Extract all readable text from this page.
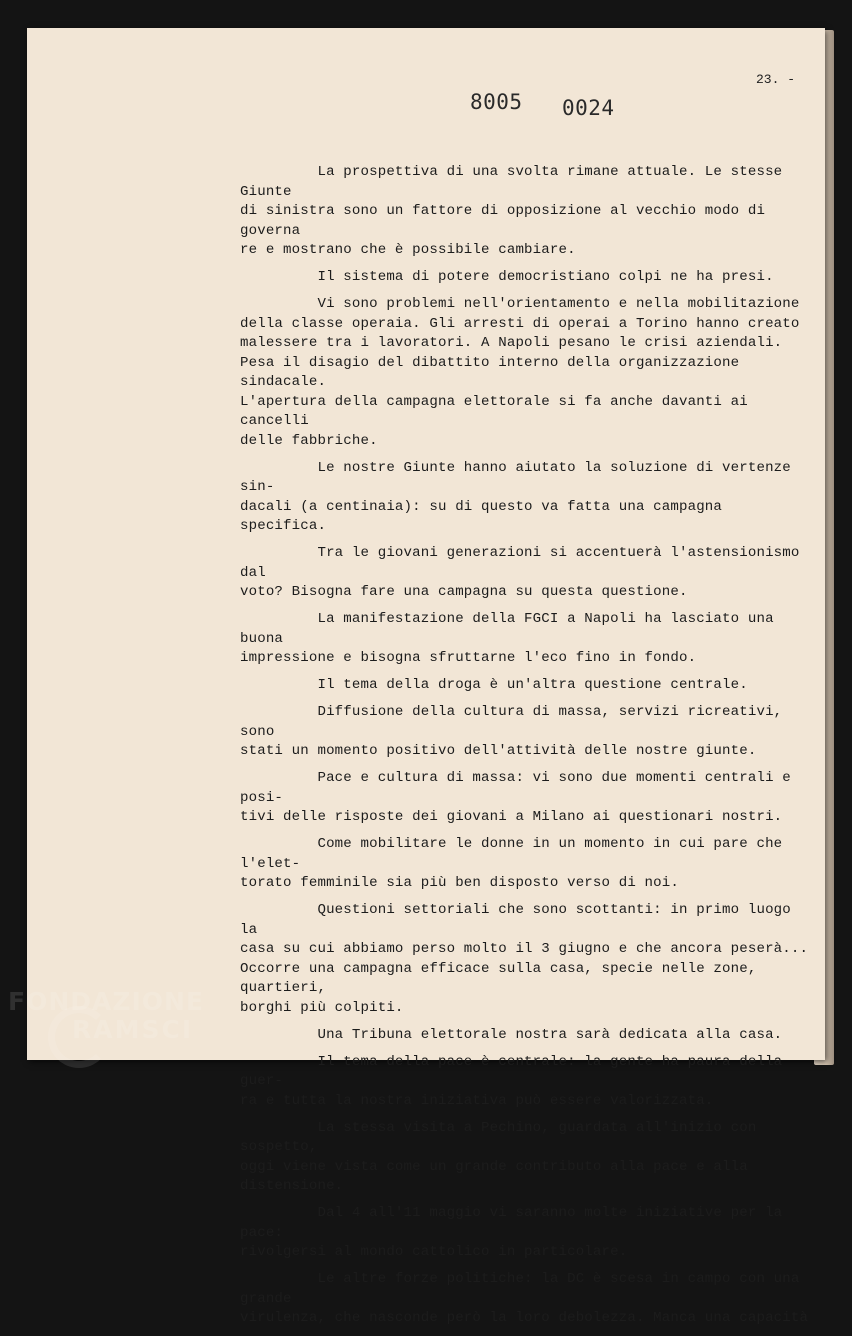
23. -
8005 0024
La prospettiva di una svolta rimane attuale. Le stesse Giunte
di sinistra sono un fattore di opposizione al vecchio modo di governa
re e mostrano che è possibile cambiare.
Il sistema di potere democristiano colpi ne ha presi.
Vi sono problemi nell'orientamento e nella mobilitazione
della classe operaia. Gli arresti di operai a Torino hanno creato
malessere tra i lavoratori. A Napoli pesano le crisi aziendali.
Pesa il disagio del dibattito interno della organizzazione sindacale.
L'apertura della campagna elettorale si fa anche davanti ai cancelli
delle fabbriche.
Le nostre Giunte hanno aiutato la soluzione di vertenze sin-
dacali (a centinaia): su di questo va fatta una campagna specifica.
Tra le giovani generazioni si accentuerà l'astensionismo dal
voto? Bisogna fare una campagna su questa questione.
La manifestazione della FGCI a Napoli ha lasciato una buona
impressione e bisogna sfruttarne l'eco fino in fondo.
Il tema della droga è un'altra questione centrale.
Diffusione della cultura di massa, servizi ricreativi, sono
stati un momento positivo dell'attività delle nostre giunte.
Pace e cultura di massa: vi sono due momenti centrali e posi-
tivi delle risposte dei giovani a Milano ai questionari nostri.
Come mobilitare le donne in un momento in cui pare che l'elet-
torato femminile sia più ben disposto verso di noi.
Questioni settoriali che sono scottanti: in primo luogo la
casa su cui abbiamo perso molto il 3 giugno e che ancora peserà...
Occorre una campagna efficace sulla casa, specie nelle zone, quartieri,
borghi più colpiti.
Una Tribuna elettorale nostra sarà dedicata alla casa.
Il tema della pace è centrale: la gente ha paura della guer-
ra e tutta la nostra iniziativa può essere valorizzata.
La stessa visita a Pechino, guardata all'inizio con sospetto,
oggi viene vista come un grande contributo alla pace e alla distensione.
Dal 4 all'11 maggio vi saranno molte iniziative per la pace:
rivolgersi al mondo cattolico in particolare.
Le altre forze politiche: la DC è scesa in campo con una grande
virulenza, che nasconde però la loro debolezza. Manca una capacità
FONDAZIONE
RAMSCI
